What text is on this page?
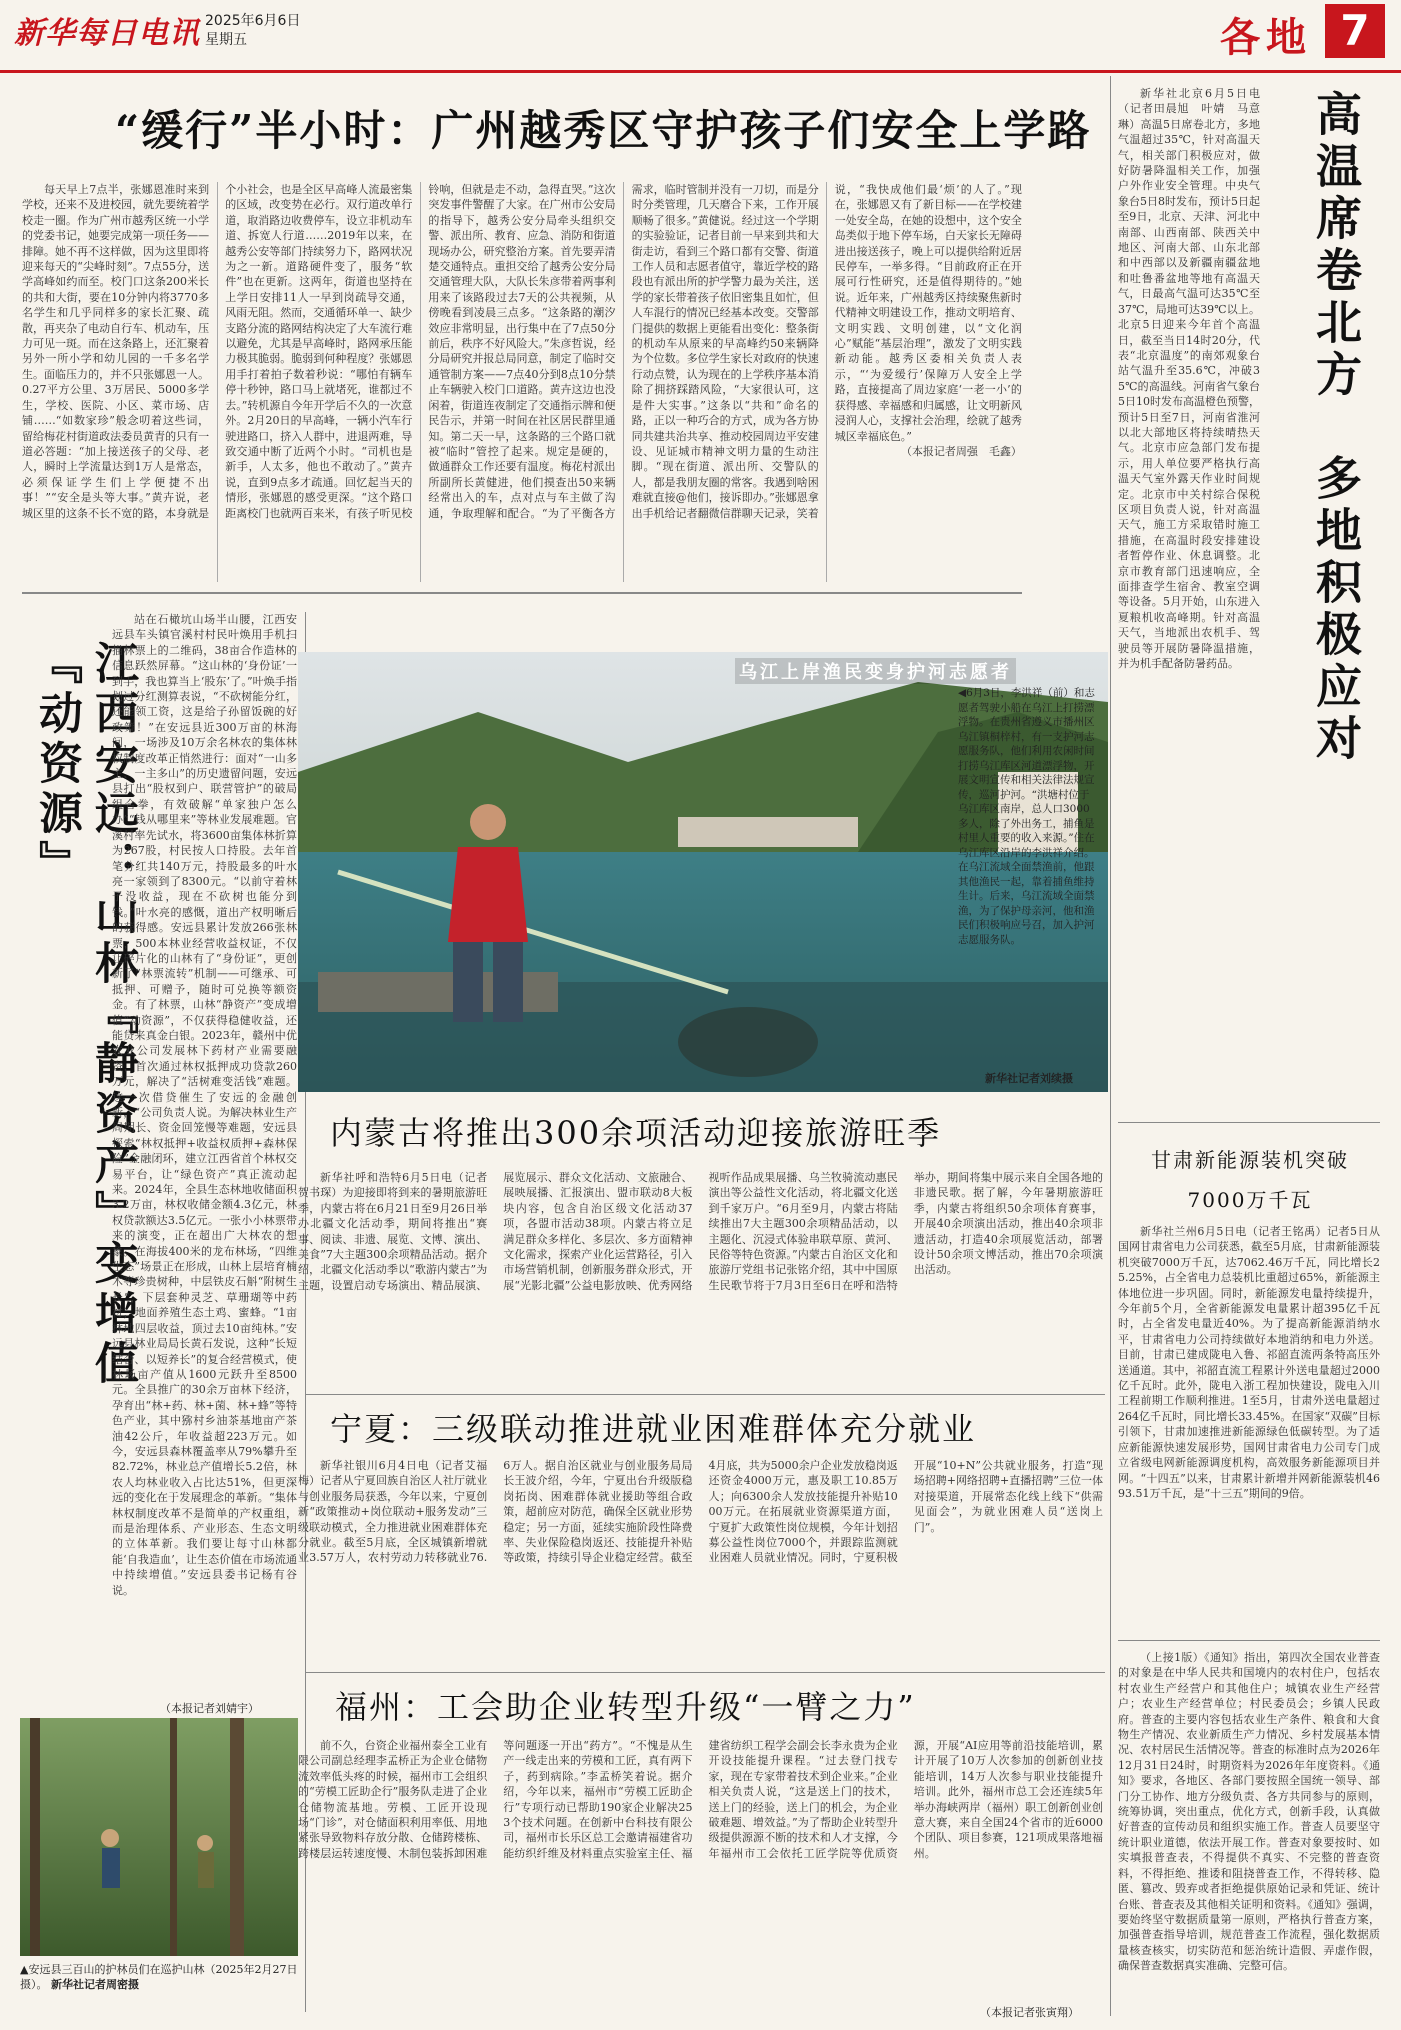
新华每日电讯 2025年6月6日
星期五	各地 7
“缓行”半小时：广州越秀区守护孩子们安全上学路

每天早上7点半，张娜恩准时来到学校，还来不及进校园，就先要统着学校走一圈。作为广州市越秀区统一小学的党委书记，她要完成第一项任务——排障。她不再不这样做，因为这里即将迎来每天的“尖峰时刻”。7点55分，送学高峰如约而至。校门口这条200米长的共和大街，要在10分钟内将3770多名学生和几乎同样多的家长汇聚、疏散，再夹杂了电动自行车、机动车，压力可见一斑。而在这条路上，还汇聚着另外一所小学和幼儿园的一千多名学生。面临压力的，并不只张娜恩一人。0.27平方公里、3万居民、5000多学生，学校、医院、小区、菜市场、店铺……“如数家珍”般念叨着这些词，留给梅花村街道政法委员黄青的只有一道必答题：“加上接送孩子的父母、老人，瞬时上学流量达到1万人是常态，必须保证学生们上学便捷不出事！”“安全是头等大事。”黄卉说，老城区里的这条不长不宽的路，本身就是个小社会，也是全区早高峰人流最密集的区域，改变势在必行。双行道改单行道，取消路边收费停车，设立非机动车道、拆宽人行道……2019年以来，在越秀公安等部门持续努力下，路网状况为之一新。道路硬件变了，服务“软件”也在更新。这两年，街道也坚持在上学日安排11人一早到岗疏导交通，风雨无阻。然而，交通循环单一、缺少支路分流的路网结构决定了大车流行难以避免，尤其是早高峰时，路网承压能力极其脆弱。脆弱到何种程度？张娜恩用手打着拍子数着秒说：“哪怕有辆车停十秒钟，路口马上就堵死，谁都过不去。”转机源自今年开学后不久的一次意外。2月20日的早高峰，一辆小汽车行驶进路口，挤入人群中，进退两难，导致交通中断了近两个小时。“司机也是新手，人太多，他也不敢动了。”黄卉说，直到9点多才疏通。回忆起当天的情形，张娜恩的感受更深。“这个路口距离校门也就两百来米，有孩子听见校铃响，但就是走不动，急得直哭。”这次突发事件警醒了大家。在广州市公安局的指导下，越秀公安分局牵头组织交警、派出所、教育、应急、消防和街道现场办公，研究整治方案。首先要弄清楚交通特点。重担交给了越秀公安分局交通管理大队，大队长朱彦带着两事利用来了该路段过去7天的公共视频，从傍晚看到凌晨三点多。“这条路的潮汐效应非常明显，出行集中在了7点50分前后，秩序不好风险大。”朱彦哲说，经分局研究并报总局同意，制定了临时交通管制方案——7点40分到8点10分禁止车辆驶入校门口道路。黄卉这边也没闲着，街道连夜制定了交通指示牌和便民告示，并第一时间在社区居民群里通知。第二天一早，这条路的三个路口就被“临时”管控了起来。规定是硬的，做通群众工作还要有温度。梅花村派出所副所长黄健进，他们摸查出50来辆经常出入的车，点对点与车主做了沟通，争取理解和配合。“为了平衡各方需求，临时管制并没有一刀切，而是分时分类管理，几天磨合下来，工作开展顺畅了很多。”黄健说。经过这一个学期的实验验证，记者目前一早来到共和大街走访，看到三个路口都有交警、街道工作人员和志愿者值守，靠近学校的路段也有派出所的护学警力最为关注，送学的家长带着孩子依旧密集且如忙，但人车混行的情况已经基本改变。交警部门提供的数据上更能看出变化：整条街的机动车从原来的早高峰约50来辆降为个位数。多位学生家长对政府的快速行动点赞，认为现在的上学秩序基本消除了拥挤踩踏风险，“大家很认可，这是件大实事。”这条以“共和”命名的路，正以一种巧合的方式，成为各方协同共建共治共享、推动校园周边平安建设、见证城市精神文明力量的生动注脚。“现在街道、派出所、交警队的人，都是我朋友圈的常客。我遇到啥困难就直接@他们，接诉即办。”张娜恩拿出手机给记者翻微信群聊天记录，笑着说，“我快成他们最‘烦’的人了。”现在，张娜恩又有了新目标——在学校建一处安全岛，在她的设想中，这个安全岛类似于地下停车场，白天家长无障碍进出接送孩子，晚上可以提供给附近居民停车，一举多得。“目前政府正在开展可行性研究，还是值得期待的。”她说。近年来，广州越秀区持续聚焦新时代精神文明建设工作，推动文明培育、文明实践、文明创建，以“文化润心”赋能“基层治理”，激发了文明实践新动能。越秀区委相关负责人表示，“‘为爱缓行’保障万人安全上学路，直接提高了周边家庭‘一老一小’的获得感、幸福感和归属感，让文明新风浸润人心，支撑社会治理，绘就了越秀城区幸福底色。”

（本报记者周强　毛鑫）

江西安远：山林『静资产』变增值『动资源』

站在石橄坑山场半山腰，江西安远县车头镇官溪村村民叶焕用手机扫描林票上的二维码，38亩合作造林的信息跃然屏幕。“这山林的‘身份证’一到手，我也算当上‘股东’了。”叶焕手指划过分红测算表说，“不砍树能分红，还能领工资，这是给子孙留饭碗的好政策！”在安远县近300万亩的林海间，一场涉及10万余名林农的集体林权制度改革正悄然进行：面对“一山多主、一主多山”的历史遗留问题，安远县打出“股权到户、联营管护”的破局组合拳，有效破解“单家独户怎么办”“钱从哪里来”等林业发展难题。官溪村率先试水，将3600亩集体林折算为267股，村民按人口持股。去年首笔分红共140万元，持股最多的叶水亮一家领到了8300元。“以前守着林子没收益，现在不砍树也能分到钱。”叶水亮的感慨，道出产权明晰后的获得感。安远县累计发放266张林票，500本林业经营收益权证，不仅让碎片化的山林有了“身份证”，更创新了“林票流转”机制——可继承、可抵押、可赠予，随时可兑换等额资金。有了林票，山林“静资产”变成增值“动资源”，不仅获得稳健收益，还能贷来真金白银。2023年，赣州中优农业公司发展林下药材产业需要融资，首次通过林权抵押成功贷款260万元，解决了“活树难变活钱”难题。这一次借贷催生了安远的金融创新，“公司负责人说。为解决林业生产周期长、资金回笼慢等难题，安远县探索“林权抵押+收益权质押+森林保险”金融闭环，建立江西省首个林权交易平台，让“绿色资产”真正流动起来。2024年，全县生态林地收储面积3.2万亩，林权收储金额4.3亿元，林权贷款额达3.5亿元。一张小小林票带来的演变，正在超出广大林农的想象。在海拔400米的龙布林场，“四维生态”场景正在形成，山林上层培育楠木等珍贵树种，中层铁皮石斛“附树生长”，下层套种灵芝、草珊瑚等中药材，地面养殖生态土鸡、蜜蜂。“1亩林地四层收益，顶过去10亩纯林。”安远县林业局局长黄石发说，这种“长短结合、以短养长”的复合经营模式，使林场亩产值从1600元跃升至8500元。全县推广的30余万亩林下经济，孕育出“林+药、林+菌、林+蜂”等特色产业，其中猕村乡油茶基地亩产茶油42公斤，年收益超223万元。如今，安远县森林覆盖率从79%攀升至82.72%，林业总产值增长5.2倍，林农人均林业收入占比达51%，但更深远的变化在于发展理念的革新。“集体林权制度改革不是简单的产权重组，而是治理体系、产业形态、生态文明的立体革新。我们要让每寸山林都能‘自我造血’，让生态价值在市场流通中持续增值。”安远县委书记杨有谷说。

（本报记者刘婧宇）
▲安远县三百山的护林员们在巡护山林（2025年2月27日摄）。 新华社记者周密摄
乌江上岸渔民变身护河志愿者
◀6月3日，李洪祥（前）和志愿者驾驶小船在乌江上打捞漂浮物。在贵州省遵义市播州区乌江镇桐梓村，有一支护河志愿服务队，他们利用农闲时间打捞乌江库区河道漂浮物，开展文明宣传和相关法律法规宣传，巡河护河。“洪塘村位于乌江库区南岸，总人口3000多人，除了外出务工，捕鱼是村里人重要的收入来源。”住在乌江库区沿岸的李洪祥介绍。在乌江流域全面禁渔前，他跟其他渔民一起，靠着捕鱼维持生计。后来，乌江流域全面禁渔，为了保护母亲河，他和渔民们积极响应号召，加入护河志愿服务队。
新华社记者刘续摄

新华社北京6月5日电（记者田晨旭　叶婧　马意琳）高温5日席卷北方，多地气温超过35℃，针对高温天气，相关部门积极应对，做好防暑降温相关工作，加强户外作业安全管理。中央气象台5日8时发布，预计5日起至9日，北京、天津、河北中南部、山西南部、陕西关中地区、河南大部、山东北部和中西部以及新疆南疆盆地和吐鲁番盆地等地有高温天气，日最高气温可达35℃至37℃，局地可达39℃以上。北京5日迎来今年首个高温日，截至当日14时20分，代表“北京温度”的南郊观象台站气温升至35.6℃，冲破35℃的高温线。河南省气象台5日10时发布高温橙色预警，预计5日至7日，河南省淮河以北大部地区将持续晴热天气。北京市应急部门发布提示，用人单位要严格执行高温天气室外露天作业时间规定。北京市中关村综合保税区项目负责人说，针对高温天气，施工方采取错时施工措施，在高温时段安排建设者暂停作业、休息调整。北京市教育部门迅速响应，全面排查学生宿舍、教室空调等设备。5月开始，山东进入夏粮机收高峰期。针对高温天气，当地派出农机手、驾驶员等开展防暑降温措施，并为机手配备防暑药品。	高温席卷北方　多地积极应对
内蒙古将推出300余项活动迎接旅游旺季

新华社呼和浩特6月5日电（记者贺书琛）为迎接即将到来的暑期旅游旺季，内蒙古将在6月21日至9月26日举办北疆文化活动季，期间将推出“赛事、阅读、非遗、展览、文博、演出、美食”7大主题300余项精品活动。据介绍，北疆文化活动季以“歌游内蒙古”为主题，设置启动专场演出、精品展演、展览展示、群众文化活动、文旅融合、展映展播、汇报演出、盟市联动8大板块内容，包含自治区级文化活动37项，各盟市活动38项。内蒙古将立足满足群众多样化、多层次、多方面精神文化需求，探索产业化运营路径，引入市场营销机制，创新服务群众形式，开展“光影北疆”公益电影放映、优秀网络视听作品成果展播、乌兰牧骑流动惠民演出等公益性文化活动，将北疆文化送到千家万户。“6月至9月，内蒙古将陆续推出7大主题300余项精品活动，以主题化、沉浸式体验串联草原、黄河、民俗等特色资源。”内蒙古自治区文化和旅游厅党组书记张铭介绍，其中中国原生民歌节将于7月3日至6日在呼和浩特举办，期间将集中展示来自全国各地的非遗民歌。据了解，今年暑期旅游旺季，内蒙古将组织50余项体育赛事，开展40余项演出活动，推出40余项非遗活动，打造40余项展览活动，部署设计50余项文博活动，推出70余项演出活动。

宁夏：三级联动推进就业困难群体充分就业

新华社银川6月4日电（记者艾福梅）记者从宁夏回族自治区人社厅就业与创业服务局获悉，今年以来，宁夏创新“政策推动+岗位联动+服务发动”三级联动模式，全力推进就业困难群体充分就业。截至5月底，全区城镇新增就业3.57万人，农村劳动力转移就业76.6万人。据自治区就业与创业服务局局长王波介绍，今年，宁夏出台升级版稳岗拓岗、困难群体就业援助等组合政策，超前应对防范，确保全区就业形势稳定；另一方面，延续实施阶段性降费率、失业保险稳岗返还、技能提升补贴等政策，持续引导企业稳定经营。截至4月底，共为5000余户企业发放稳岗返还资金4000万元，惠及职工10.85万人；向6300余人发放技能提升补贴1000万元。在拓展就业资源渠道方面，宁夏扩大政策性岗位规模，今年计划招募公益性岗位7000个，并跟踪监测就业困难人员就业情况。同时，宁夏积极开展“10+N”公共就业服务，打造“现场招聘+网络招聘+直播招聘”三位一体对接渠道，开展常态化线上线下“供需见面会”，为就业困难人员“送岗上门”。

福州：工会助企业转型升级“一臂之力”

前不久，台资企业福州泰全工业有限公司副总经理李孟桥正为企业仓储物流效率低头疼的时候，福州市工会组织的“劳模工匠助企行”服务队走进了企业仓储物流基地。劳模、工匠开设现场“门诊”，对仓储面积利用率低、用地紧张导致物料存放分散、仓储跨楼栋、跨楼层运转速度慢、木制包装拆卸困难等问题逐一开出“药方”。“不愧是从生产一线走出来的劳模和工匠，真有两下子，药到病除。”李孟桥笑着说。据介绍，今年以来，福州市“劳模工匠助企行”专项行动已帮助190家企业解决253个技术问题。在创新中台科技有限公司，福州市长乐区总工会邀请福建省功能纺织纤维及材料重点实验室主任、福建省纺织工程学会副会长李永贵为企业开设技能提升课程。“过去登门找专家，现在专家带着技术到企业来。”企业相关负责人说，“这是送上门的技术，送上门的经验，送上门的机会，为企业破难题、增效益。”为了帮助企业转型升级提供源源不断的技术和人才支撑，今年福州市工会依托工匠学院等优质资源，开展“AI应用等前沿技能培训，累计开展了10万人次参加的创新创业技能培训，14万人次参与职业技能提升培训。此外，福州市总工会还连续5年举办海峡两岸（福州）职工创新创业创意大赛，来自全国24个省市的近6000个团队、项目参赛，121项成果落地福州。

（本报记者张寅翔）
甘肃新能源装机突破7000万千瓦

新华社兰州6月5日电（记者王铭禹）记者5日从国网甘肃省电力公司获悉，截至5月底，甘肃新能源装机突破7000万千瓦，达7062.46万千瓦，同比增长25.25%，占全省电力总装机比重超过65%，新能源主体地位进一步巩固。同时，新能源发电量持续提升，今年前5个月，全省新能源发电量累计超395亿千瓦时，占全省发电量近40%。为了提高新能源消纳水平，甘肃省电力公司持续做好本地消纳和电力外送。目前，甘肃已建成陇电入鲁、祁韶直流两条特高压外送通道。其中，祁韶直流工程累计外送电量超过2000亿千瓦时。此外，陇电入浙工程加快建设，陇电入川工程前期工作顺利推进。1至5月，甘肃外送电量超过264亿千瓦时，同比增长33.45%。在国家“双碳”目标引领下，甘肃加速推进新能源绿色低碳转型。为了适应新能源快速发展形势，国网甘肃省电力公司专门成立省级电网新能源调度机构，高效服务新能源项目并网。“十四五”以来，甘肃累计新增并网新能源装机4693.51万千瓦，是“十三五”期间的9倍。

（上接1版）《通知》指出，第四次全国农业普查的对象是在中华人民共和国境内的农村住户，包括农村农业生产经营户和其他住户；城镇农业生产经营户；农业生产经营单位；村民委员会；乡镇人民政府。普查的主要内容包括农业生产条件、粮食和大食物生产情况、农业新质生产力情况、乡村发展基本情况、农村居民生活情况等。普查的标准时点为2026年12月31日24时，时期资料为2026年年度资料。《通知》要求，各地区、各部门要按照全国统一领导、部门分工协作、地方分级负责、各方共同参与的原则，统筹协调，突出重点，优化方式，创新手段，认真做好普查的宣传动员和组织实施工作。普查人员要坚守统计职业道德，依法开展工作。普查对象要按时、如实填报普查表，不得提供不真实、不完整的普查资料，不得拒绝、推诿和阻挠普查工作，不得转移、隐匿、篡改、毁弃或者拒绝提供原始记录和凭证、统计台账、普查表及其他相关证明和资料。《通知》强调，要始终坚守数据质量第一原则，严格执行普查方案，加强普查指导培训，规范普查工作流程，强化数据质量核查核实，切实防范和惩治统计造假、弄虚作假，确保普查数据真实准确、完整可信。
